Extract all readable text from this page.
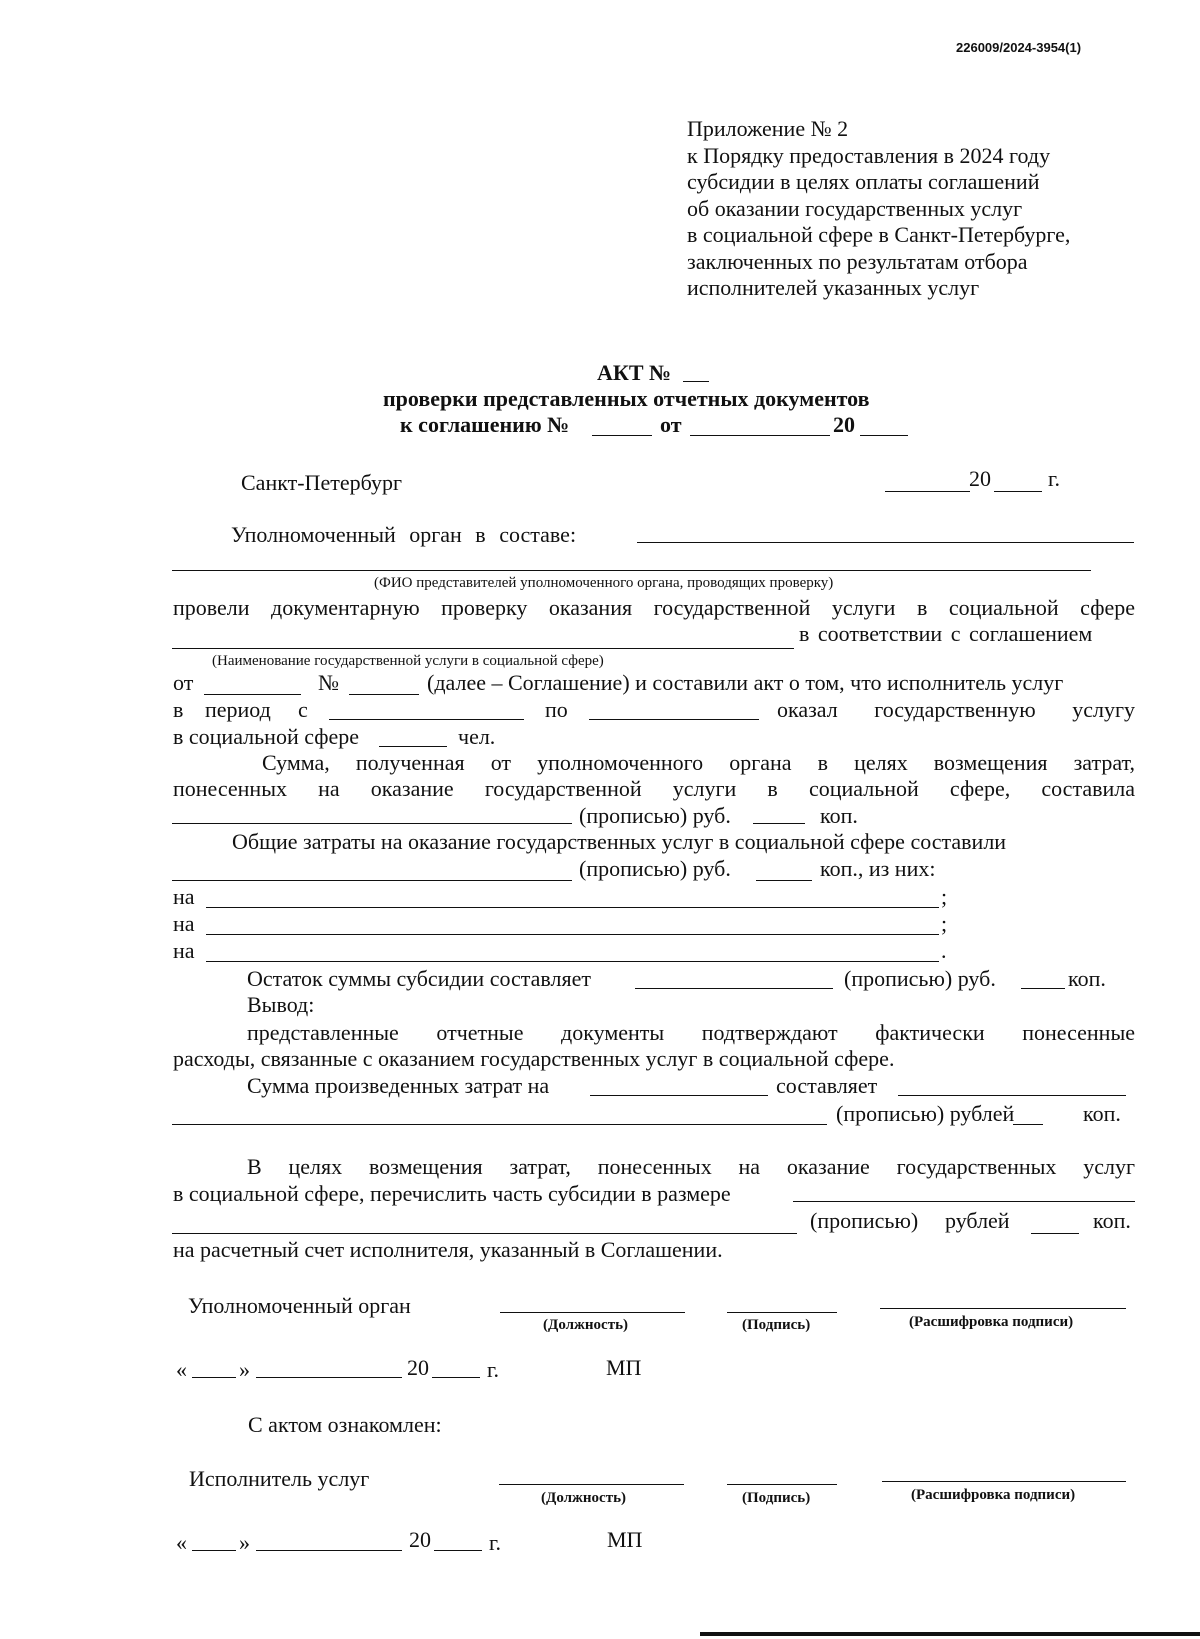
226009/2024-3954(1)
Приложение № 2
к Порядку предоставления в 2024 году
субсидии в целях оплаты соглашений
об оказании государственных услуг
в социальной сфере в Санкт-Петербурге,
заключенных по результатам отбора
исполнителей указанных услуг
АКТ №
проверки представленных отчетных документов
к соглашению №	от	20
Санкт-Петербург	20	г.
Уполномоченный орган в составе:
(ФИО представителей уполномоченного органа, проводящих проверку)
провели документарную проверку оказания государственной услуги в социальной сфере
в соответствии с соглашением
(Наименование государственной услуги в социальной сфере)
от	№	(далее – Соглашение) и составили акт о том, что исполнитель услуг
в период с	по	оказал государственную услугу
в социальной сфере	чел.
Сумма, полученная от уполномоченного органа в целях возмещения затрат,
понесенных на оказание государственной услуги в социальной сфере, составила
(прописью) руб.	коп.
Общие затраты на оказание государственных услуг в социальной сфере составили
(прописью) руб.	коп., из них:
на	;
на	;
на	.
Остаток суммы субсидии составляет	(прописью) руб.	коп.
Вывод:
представленные отчетные документы подтверждают фактически понесенные
расходы, связанные с оказанием государственных услуг в социальной сфере.
Сумма произведенных затрат на	составляет
(прописью) рублей	коп.
В целях возмещения затрат, понесенных на оказание государственных услуг
в социальной сфере, перечислить часть субсидии в размере
(прописью) рублей	коп.
на расчетный счет исполнителя, указанный в Соглашении.
Уполномоченный орган
(Должность)	(Подпись)	(Расшифровка подписи)
« »	20	г.	МП
С актом ознакомлен:
Исполнитель услуг
(Должность)	(Подпись)	(Расшифровка подписи)
« »	20	г.	МП
